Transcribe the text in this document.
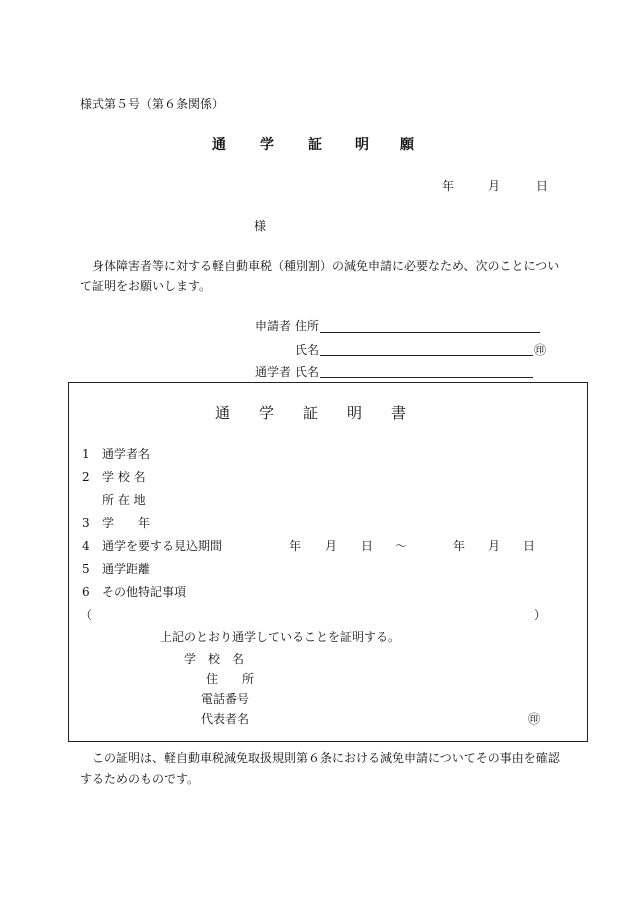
様式第５号（第６条関係）
通 学 証 明 願
年	月	日
様
身体障害者等に対する軽自動車税（種別割）の減免申請に必要なため、次のことについ
て証明をお願いします。
申請者 住所
氏名	㊞
通学者 氏名
通 学 証 明 書
1 通学者名
2 学 校 名
所 在 地
3 学　　年
4 通学を要する見込期間	年 月 日 ～	年 月 日
5 通学距離
6 その他特記事項
（	）
上記のとおり通学していることを証明する。
学　校　名
住　　所
電話番号
代表者名	㊞
この証明は、軽自動車税減免取扱規則第６条における減免申請についてその事由を確認
するためのものです。
